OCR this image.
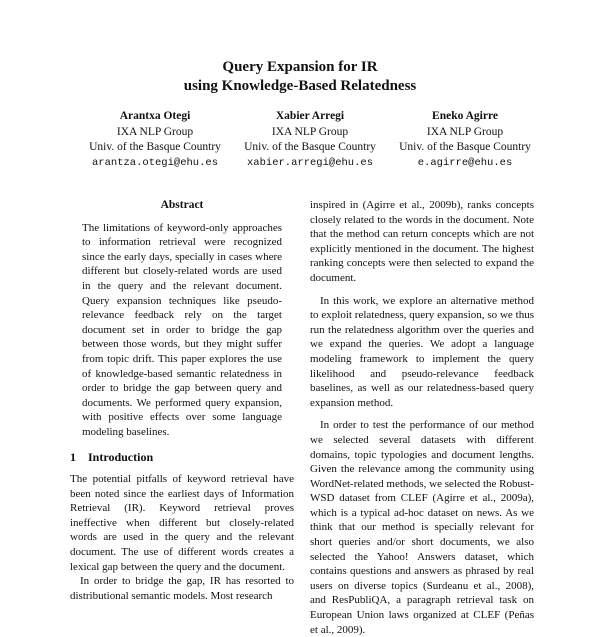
Query Expansion for IR
using Knowledge-Based Relatedness
Arantxa Otegi
IXA NLP Group
Univ. of the Basque Country
arantza.otegi@ehu.es
Xabier Arregi
IXA NLP Group
Univ. of the Basque Country
xabier.arregi@ehu.es
Eneko Agirre
IXA NLP Group
Univ. of the Basque Country
e.agirre@ehu.es
Abstract

The limitations of keyword-only approaches to information retrieval were recognized since the early days, specially in cases where different but closely-related words are used in the query and the relevant document. Query expansion techniques like pseudo-relevance feedback rely on the target document set in order to bridge the gap between those words, but they might suffer from topic drift. This paper explores the use of knowledge-based semantic relatedness in order to bridge the gap between query and documents. We performed query expansion, with positive effects over some language modeling baselines.

1 Introduction

The potential pitfalls of keyword retrieval have been noted since the earliest days of Information Retrieval (IR). Keyword retrieval proves ineffective when different but closely-related words are used in the query and the relevant document. The use of different words creates a lexical gap between the query and the document.

In order to bridge the gap, IR has resorted to distributional semantic models. Most research

inspired in (Agirre et al., 2009b), ranks concepts closely related to the words in the document. Note that the method can return concepts which are not explicitly mentioned in the document. The highest ranking concepts were then selected to expand the document.

In this work, we explore an alternative method to exploit relatedness, query expansion, so we thus run the relatedness algorithm over the queries and we expand the queries. We adopt a language modeling framework to implement the query likelihood and pseudo-relevance feedback baselines, as well as our relatedness-based query expansion method.

In order to test the performance of our method we selected several datasets with different domains, topic typologies and document lengths. Given the relevance among the community using WordNet-related methods, we selected the Robust-WSD dataset from CLEF (Agirre et al., 2009a), which is a typical ad-hoc dataset on news. As we think that our method is specially relevant for short queries and/or short documents, we also selected the Yahoo! Answers dataset, which contains questions and answers as phrased by real users on diverse topics (Surdeanu et al., 2008), and ResPubliQA, a paragraph retrieval task on European Union laws organized at CLEF (Peñas et al., 2009).
